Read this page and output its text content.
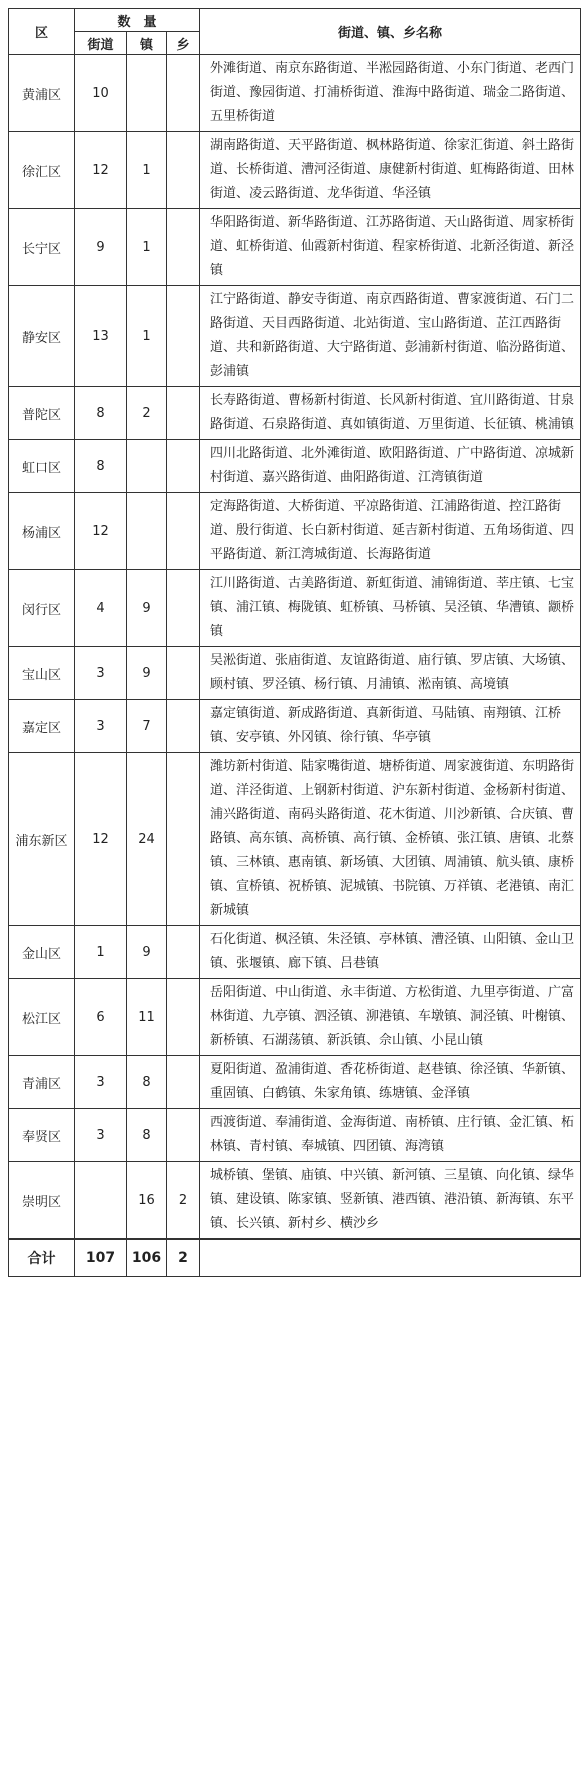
区	数　量			街道、镇、乡名称
	街道	镇	乡	
黄浦区	10			外滩街道、南京东路街道、半淞园路街道、小东门街道、老西门街道、豫园街道、打浦桥街道、淮海中路街道、瑞金二路街道、五里桥街道
徐汇区	12	1		湖南路街道、天平路街道、枫林路街道、徐家汇街道、斜土路街道、长桥街道、漕河泾街道、康健新村街道、虹梅路街道、田林街道、凌云路街道、龙华街道、华泾镇
长宁区	9	1		华阳路街道、新华路街道、江苏路街道、天山路街道、周家桥街道、虹桥街道、仙霞新村街道、程家桥街道、北新泾街道、新泾镇
静安区	13	1		江宁路街道、静安寺街道、南京西路街道、曹家渡街道、石门二路街道、天目西路街道、北站街道、宝山路街道、芷江西路街道、共和新路街道、大宁路街道、彭浦新村街道、临汾路街道、彭浦镇
普陀区	8	2		长寿路街道、曹杨新村街道、长风新村街道、宜川路街道、甘泉路街道、石泉路街道、真如镇街道、万里街道、长征镇、桃浦镇
虹口区	8			四川北路街道、北外滩街道、欧阳路街道、广中路街道、凉城新村街道、嘉兴路街道、曲阳路街道、江湾镇街道
杨浦区	12			定海路街道、大桥街道、平凉路街道、江浦路街道、控江路街道、殷行街道、长白新村街道、延吉新村街道、五角场街道、四平路街道、新江湾城街道、长海路街道
闵行区	4	9		江川路街道、古美路街道、新虹街道、浦锦街道、莘庄镇、七宝镇、浦江镇、梅陇镇、虹桥镇、马桥镇、吴泾镇、华漕镇、颛桥镇
宝山区	3	9		吴淞街道、张庙街道、友谊路街道、庙行镇、罗店镇、大场镇、顾村镇、罗泾镇、杨行镇、月浦镇、淞南镇、高境镇
嘉定区	3	7		嘉定镇街道、新成路街道、真新街道、马陆镇、南翔镇、江桥镇、安亭镇、外冈镇、徐行镇、华亭镇
浦东新区	12	24		潍坊新村街道、陆家嘴街道、塘桥街道、周家渡街道、东明路街道、洋泾街道、上钢新村街道、沪东新村街道、金杨新村街道、浦兴路街道、南码头路街道、花木街道、川沙新镇、合庆镇、曹路镇、高东镇、高桥镇、高行镇、金桥镇、张江镇、唐镇、北蔡镇、三林镇、惠南镇、新场镇、大团镇、周浦镇、航头镇、康桥镇、宣桥镇、祝桥镇、泥城镇、书院镇、万祥镇、老港镇、南汇新城镇
金山区	1	9		石化街道、枫泾镇、朱泾镇、亭林镇、漕泾镇、山阳镇、金山卫镇、张堰镇、廊下镇、吕巷镇
松江区	6	11		岳阳街道、中山街道、永丰街道、方松街道、九里亭街道、广富林街道、九亭镇、泗泾镇、泖港镇、车墩镇、洞泾镇、叶榭镇、新桥镇、石湖荡镇、新浜镇、佘山镇、小昆山镇
青浦区	3	8		夏阳街道、盈浦街道、香花桥街道、赵巷镇、徐泾镇、华新镇、重固镇、白鹤镇、朱家角镇、练塘镇、金泽镇
奉贤区	3	8		西渡街道、奉浦街道、金海街道、南桥镇、庄行镇、金汇镇、柘林镇、青村镇、奉城镇、四团镇、海湾镇
崇明区		16	2	城桥镇、堡镇、庙镇、中兴镇、新河镇、三星镇、向化镇、绿华镇、建设镇、陈家镇、竖新镇、港西镇、港沿镇、新海镇、东平镇、长兴镇、新村乡、横沙乡
合计	107	106	2	
